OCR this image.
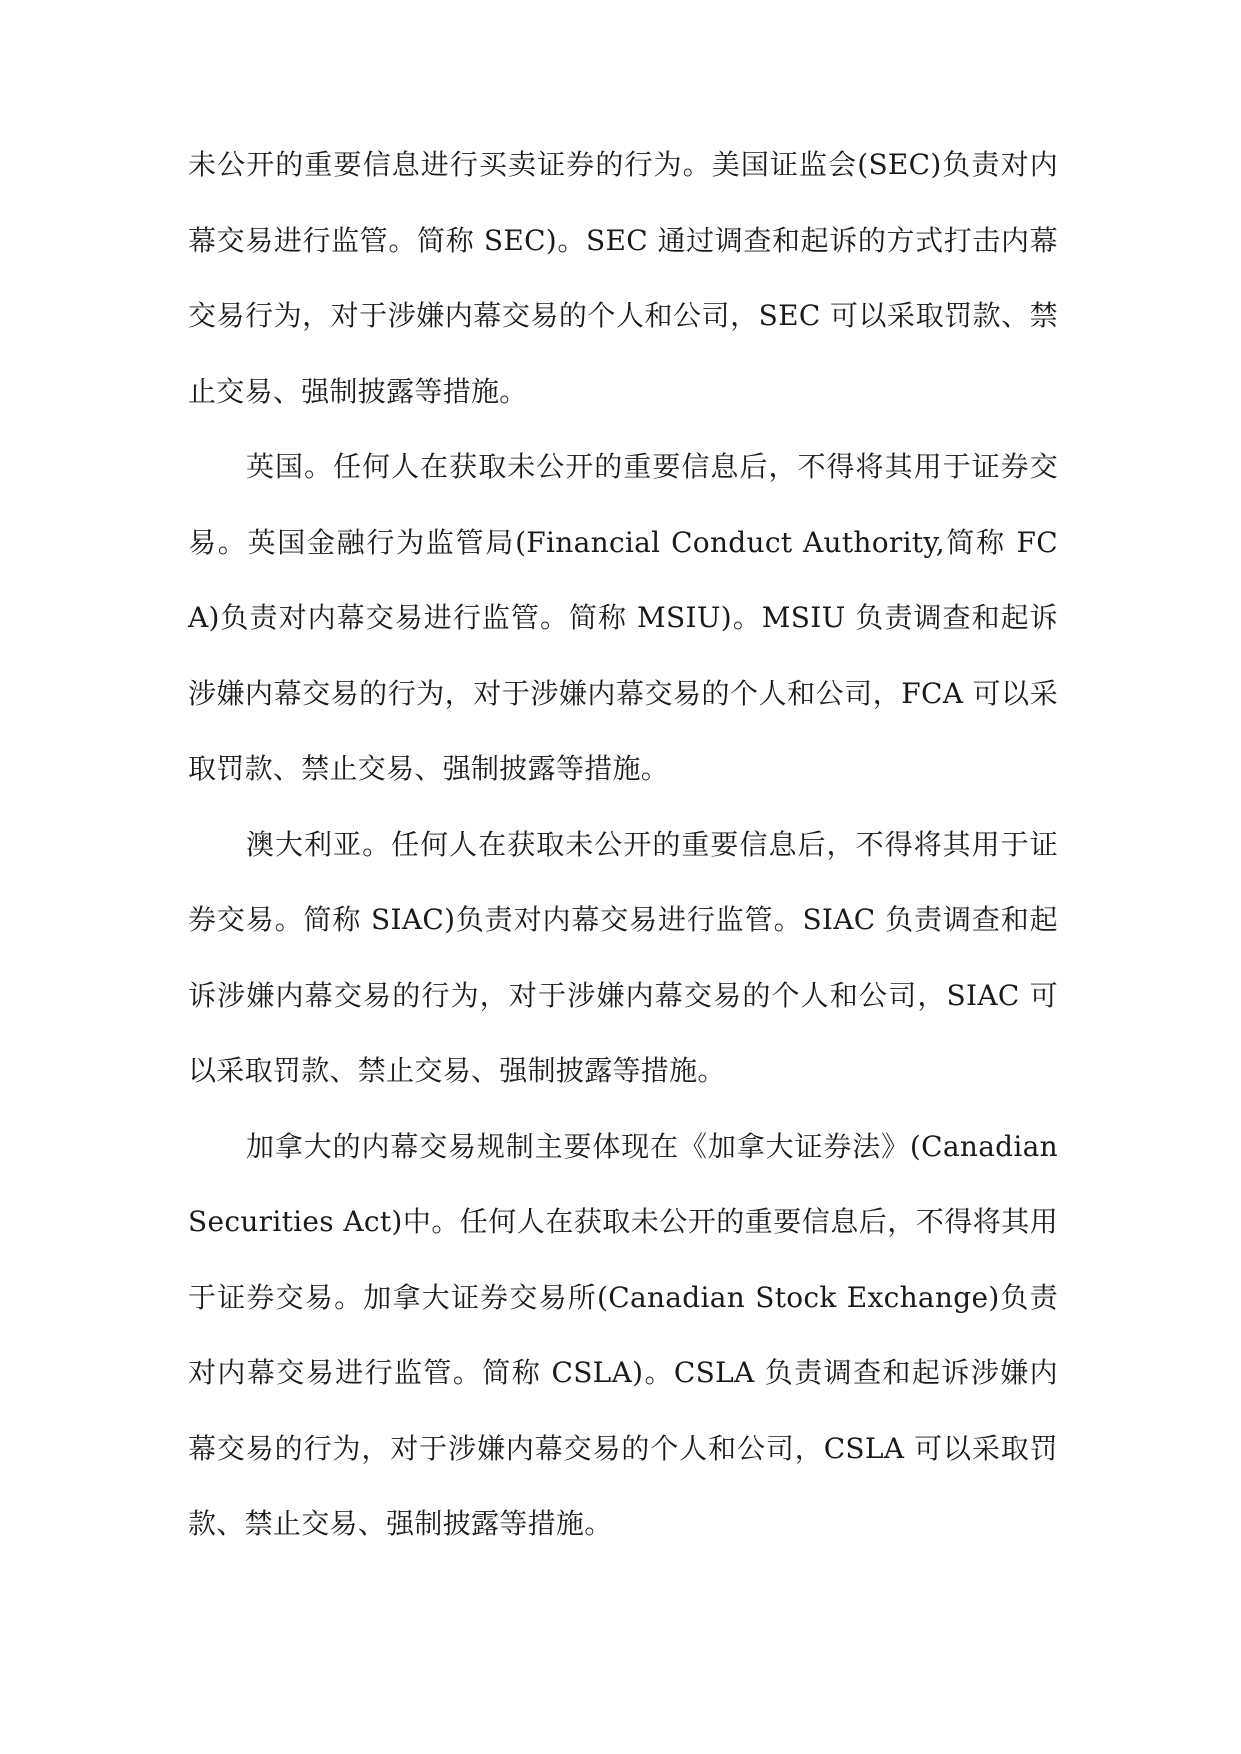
未公开的重要信息进行买卖证券的行为。美国证监会(SEC)负责对内幕交易进行监管。简称 SEC)。SEC 通过调查和起诉的方式打击内幕交易行为，对于涉嫌内幕交易的个人和公司，SEC 可以采取罚款、禁止交易、强制披露等措施。

英国。任何人在获取未公开的重要信息后，不得将其用于证券交易。英国金融行为监管局(Financial Conduct Authority,简称 FCA)负责对内幕交易进行监管。简称 MSIU)。MSIU 负责调查和起诉涉嫌内幕交易的行为，对于涉嫌内幕交易的个人和公司，FCA 可以采取罚款、禁止交易、强制披露等措施。

澳大利亚。任何人在获取未公开的重要信息后，不得将其用于证券交易。简称 SIAC)负责对内幕交易进行监管。SIAC 负责调查和起诉涉嫌内幕交易的行为，对于涉嫌内幕交易的个人和公司，SIAC 可以采取罚款、禁止交易、强制披露等措施。

加拿大的内幕交易规制主要体现在《加拿大证券法》(Canadian Securities Act)中。任何人在获取未公开的重要信息后，不得将其用于证券交易。加拿大证券交易所(Canadian Stock Exchange)负责对内幕交易进行监管。简称 CSLA)。CSLA 负责调查和起诉涉嫌内幕交易的行为，对于涉嫌内幕交易的个人和公司，CSLA 可以采取罚款、禁止交易、强制披露等措施。
